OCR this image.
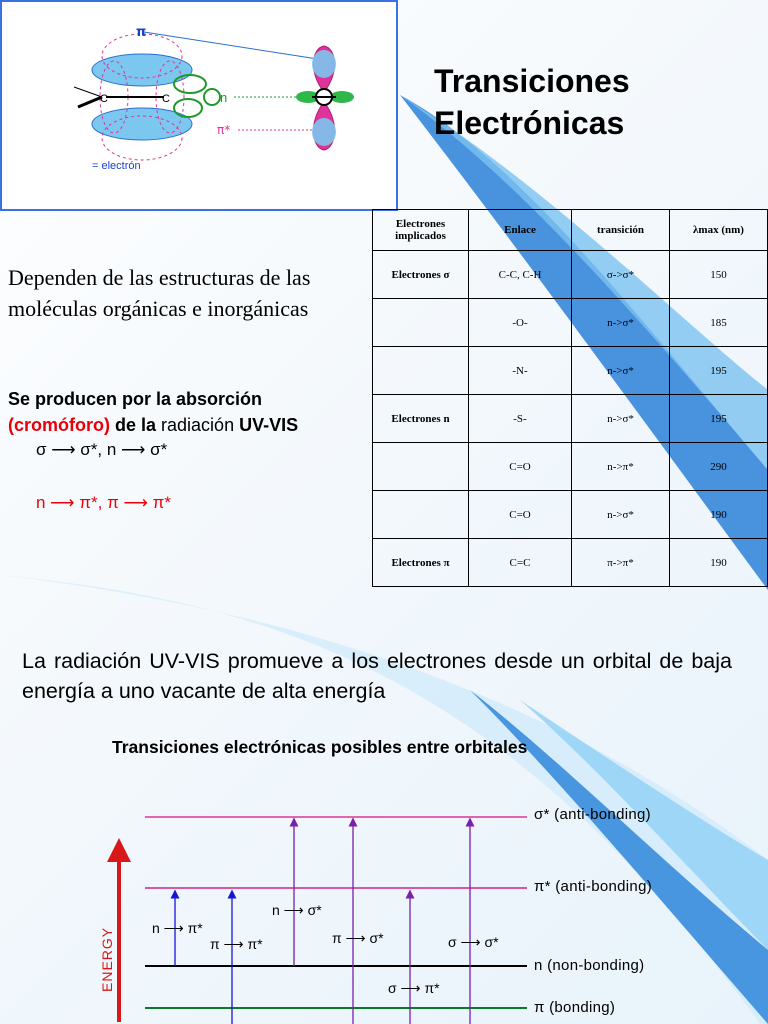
C	C
π
n
π*
= electrón
Transiciones
Electrónicas
Electrones implicados	Enlace	transición	λmax (nm)
Electrones σ	C-C, C-H	σ->σ*	150
	-O-	n->σ*	185
	-N-	n->σ*	195
Electrones n	-S-	n->σ*	195
	C=O	n->π*	290
	C=O	n->σ*	190
Electrones π	C=C	π->π*	190
Dependen de las estructuras de las moléculas orgánicas e inorgánicas
Se producen por la absorción
(cromóforo) de la radiación UV-VIS
σ ⟶ σ*, n ⟶ σ*
n ⟶ π*, π ⟶ π*
La radiación UV-VIS promueve a los electrones desde un orbital de baja energía a uno vacante de alta energía
Transiciones electrónicas posibles entre orbitales
ENERGY
σ* (anti-bonding)
π* (anti-bonding)
n (non-bonding)
π (bonding)
n ⟶ π*
π ⟶ π*
n ⟶ σ*
π ⟶ σ*	σ ⟶ σ*
σ ⟶ π*
